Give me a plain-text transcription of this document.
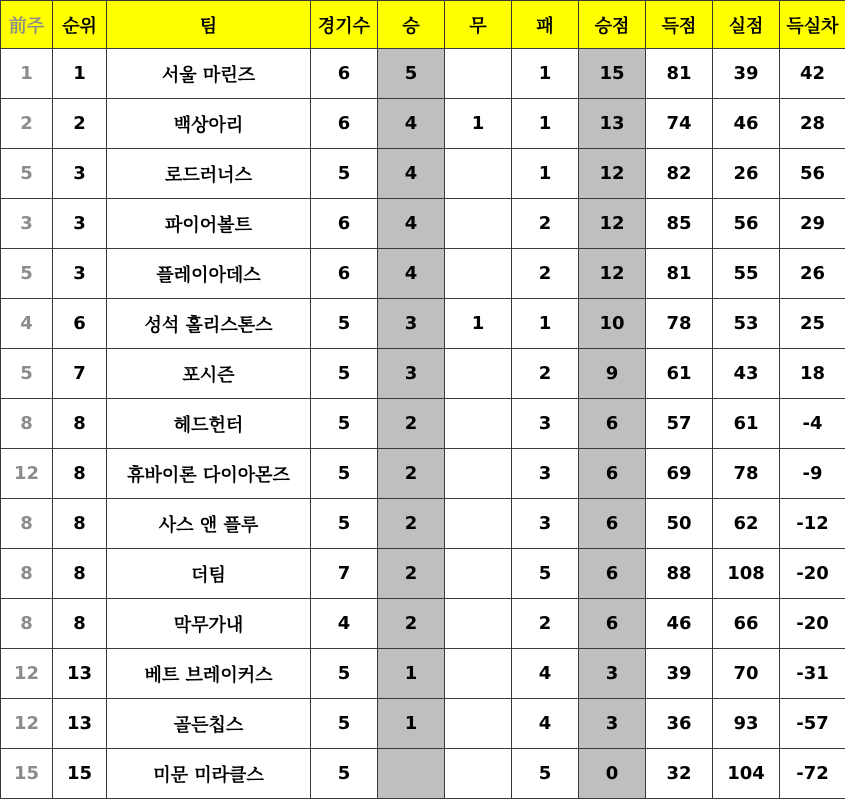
前주	순위	팀	경기수	승	무	패	승점	득점	실점	득실차
1	1	서울 마린즈	6	5		1	15	81	39	42
2	2	백상아리	6	4	1	1	13	74	46	28
5	3	로드러너스	5	4		1	12	82	26	56
3	3	파이어볼트	6	4		2	12	85	56	29
5	3	플레이아데스	6	4		2	12	81	55	26
4	6	성석 홀리스톤스	5	3	1	1	10	78	53	25
5	7	포시즌	5	3		2	9	61	43	18
8	8	헤드헌터	5	2		3	6	57	61	-4
12	8	휴바이론 다이아몬즈	5	2		3	6	69	78	-9
8	8	사스 앤 플루	5	2		3	6	50	62	-12
8	8	더팀	7	2		5	6	88	108	-20
8	8	막무가내	4	2		2	6	46	66	-20
12	13	베트 브레이커스	5	1		4	3	39	70	-31
12	13	골든칩스	5	1		4	3	36	93	-57
15	15	미문 미라클스	5			5	0	32	104	-72
